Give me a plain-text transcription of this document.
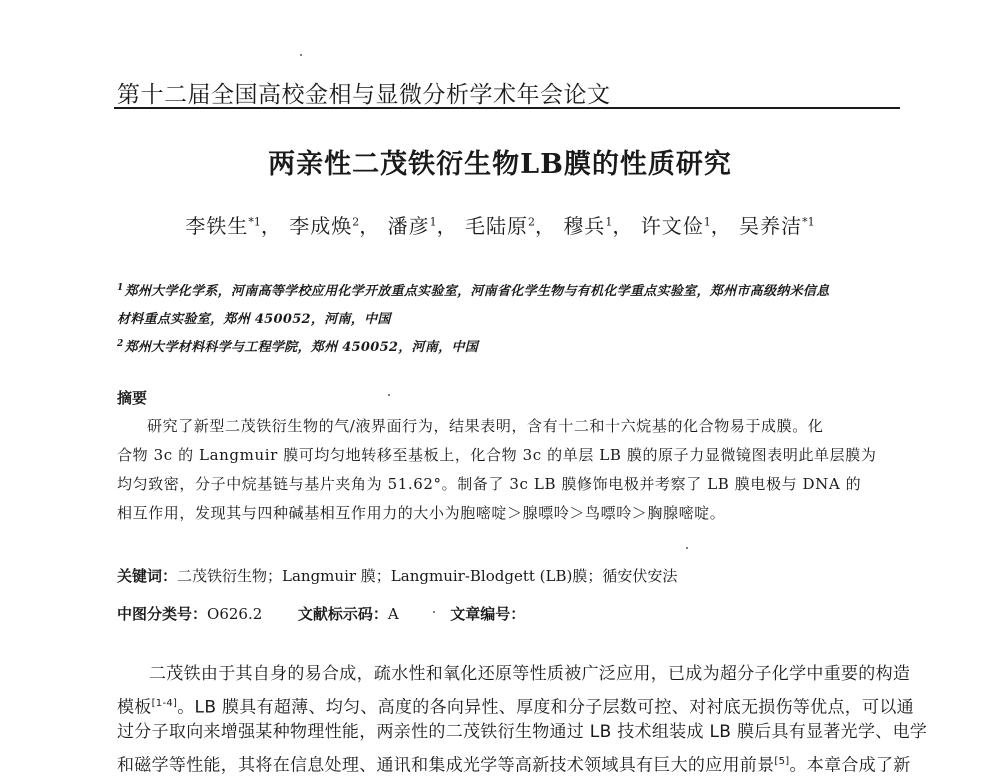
第十二届全国高校金相与显微分析学术年会论文
两亲性二茂铁衍生物LB膜的性质研究
李铁生$^{*1}$， 李成焕$^2$， 潘彦$^1$， 毛陆原$^2$， 穆兵$^1$， 许文俭$^1$， 吴养洁$^{*1}$
$^1$郑州大学化学系，河南高等学校应用化学开放重点实验室，河南省化学生物与有机化学重点实验室，郑州市高级纳米信息
材料重点实验室，郑州 450052，河南，中国
$^2$郑州大学材料科学与工程学院，郑州 450052，河南，中国
摘要
研究了新型二茂铁衍生物的气/液界面行为，结果表明，含有十二和十六烷基的化合物易于成膜。化
合物 3c 的 Langmuir 膜可均匀地转移至基板上，化合物 3c 的单层 LB 膜的原子力显微镜图表明此单层膜为
均匀致密，分子中烷基链与基片夹角为 51.62°。制备了 3c LB 膜修饰电极并考察了 LB 膜电极与 DNA 的
相互作用，发现其与四种碱基相互作用力的大小为胞嘧啶＞腺嘌呤＞鸟嘌呤＞胸腺嘧啶。
关键词：二茂铁衍生物；Langmuir 膜；Langmuir-Blodgett (LB)膜；循安伏安法
中图分类号：O626.2 文献标示码：A	文章编号：
二茂铁由于其自身的易合成，疏水性和氧化还原等性质被广泛应用，已成为超分子化学中重要的构造
模板[1-4]。LB 膜具有超薄、均匀、高度的各向异性、厚度和分子层数可控、对衬底无损伤等优点，可以通
过分子取向来增强某种物理性能，两亲性的二茂铁衍生物通过 LB 技术组装成 LB 膜后具有显著光学、电学
和磁学等性能，其将在信息处理、通讯和集成光学等高新技术领域具有巨大的应用前景[5]。本章合成了新
